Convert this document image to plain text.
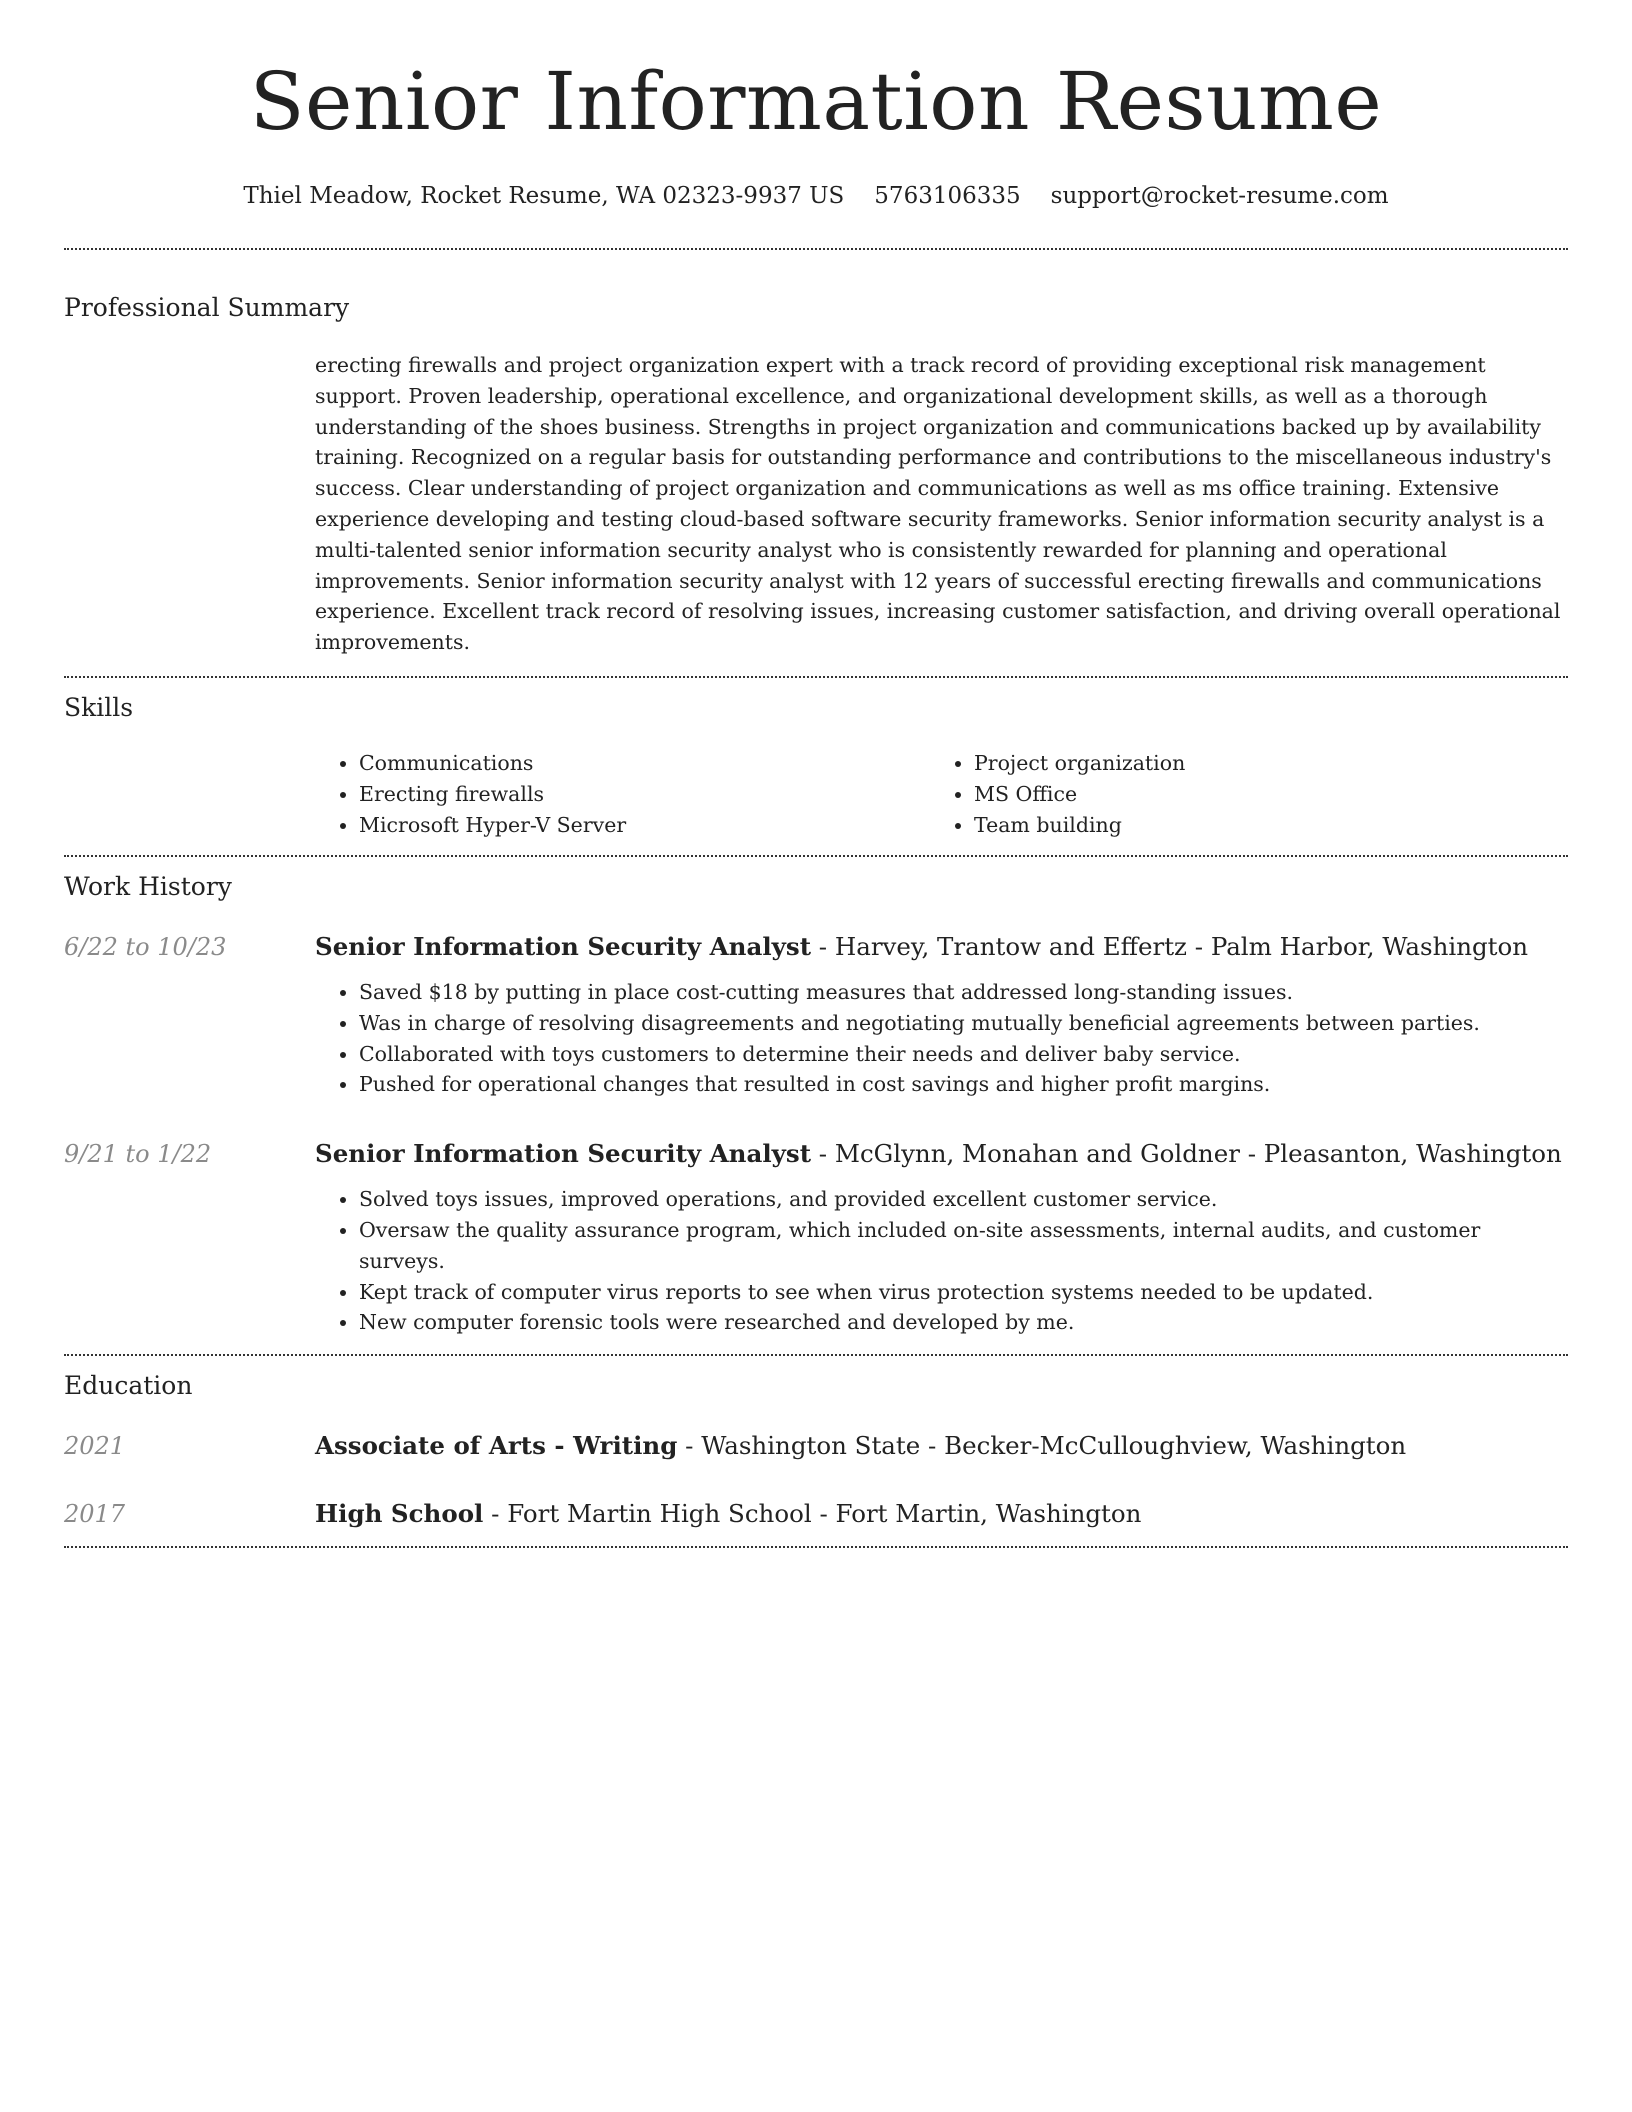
Senior Information Resume
Thiel Meadow, Rocket Resume, WA 02323-9937 US 5763106335 support@rocket-resume.com
Professional Summary
erecting firewalls and project organization expert with a track record of providing exceptional risk management support. Proven leadership, operational excellence, and organizational development skills, as well as a thorough understanding of the shoes business. Strengths in project organization and communications backed up by availability training. Recognized on a regular basis for outstanding performance and contributions to the miscellaneous industry's success. Clear understanding of project organization and communications as well as ms office training. Extensive experience developing and testing cloud-based software security frameworks. Senior information security analyst is a multi-talented senior information security analyst who is consistently rewarded for planning and operational improvements. Senior information security analyst with 12 years of successful erecting firewalls and communications experience. Excellent track record of resolving issues, increasing customer satisfaction, and driving overall operational improvements.
Skills
• Communications
• Erecting firewalls
• Microsoft Hyper-V Server
• Project organization
• MS Office
• Team building
Work History
6/22 to 10/23	Senior Information Security Analyst - Harvey, Trantow and Effertz - Palm Harbor, Washington
• Saved $18 by putting in place cost-cutting measures that addressed long-standing issues.
• Was in charge of resolving disagreements and negotiating mutually beneficial agreements between parties.
• Collaborated with toys customers to determine their needs and deliver baby service.
• Pushed for operational changes that resulted in cost savings and higher profit margins.
9/21 to 1/22	Senior Information Security Analyst - McGlynn, Monahan and Goldner - Pleasanton, Washington
• Solved toys issues, improved operations, and provided excellent customer service.
• Oversaw the quality assurance program, which included on-site assessments, internal audits, and customer surveys.
• Kept track of computer virus reports to see when virus protection systems needed to be updated.
• New computer forensic tools were researched and developed by me.
Education
2021	Associate of Arts - Writing - Washington State - Becker-McCulloughview, Washington
2017	High School - Fort Martin High School - Fort Martin, Washington
